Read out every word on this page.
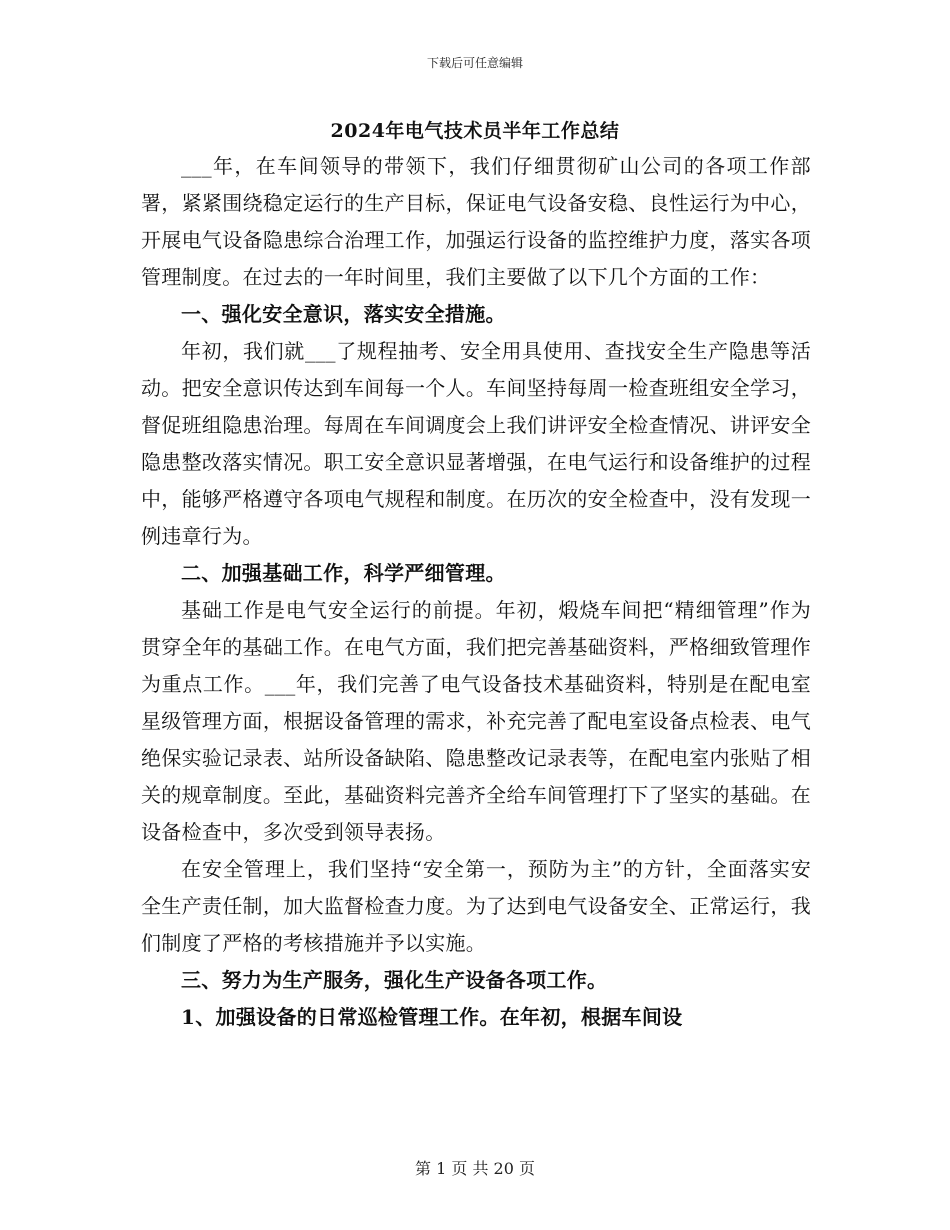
下载后可任意编辑
2024年电气技术员半年工作总结

___年，在车间领导的带领下，我们仔细贯彻矿山公司的各项工作部署，紧紧围绕稳定运行的生产目标，保证电气设备安稳、良性运行为中心，开展电气设备隐患综合治理工作，加强运行设备的监控维护力度，落实各项管理制度。在过去的一年时间里，我们主要做了以下几个方面的工作：

一、强化安全意识，落实安全措施。

年初，我们就___了规程抽考、安全用具使用、查找安全生产隐患等活动。把安全意识传达到车间每一个人。车间坚持每周一检查班组安全学习，督促班组隐患治理。每周在车间调度会上我们讲评安全检查情况、讲评安全隐患整改落实情况。职工安全意识显著增强，在电气运行和设备维护的过程中，能够严格遵守各项电气规程和制度。在历次的安全检查中，没有发现一例违章行为。

二、加强基础工作，科学严细管理。

基础工作是电气安全运行的前提。年初，煅烧车间把“精细管理”作为贯穿全年的基础工作。在电气方面，我们把完善基础资料，严格细致管理作为重点工作。___年，我们完善了电气设备技术基础资料，特别是在配电室星级管理方面，根据设备管理的需求，补充完善了配电室设备点检表、电气绝保实验记录表、站所设备缺陷、隐患整改记录表等，在配电室内张贴了相关的规章制度。至此，基础资料完善齐全给车间管理打下了坚实的基础。在设备检查中，多次受到领导表扬。

在安全管理上，我们坚持“安全第一，预防为主”的方针，全面落实安全生产责任制，加大监督检查力度。为了达到电气设备安全、正常运行，我们制度了严格的考核措施并予以实施。

三、努力为生产服务，强化生产设备各项工作。

1、加强设备的日常巡检管理工作。在年初，根据车间设

第 1 页 共 20 页
